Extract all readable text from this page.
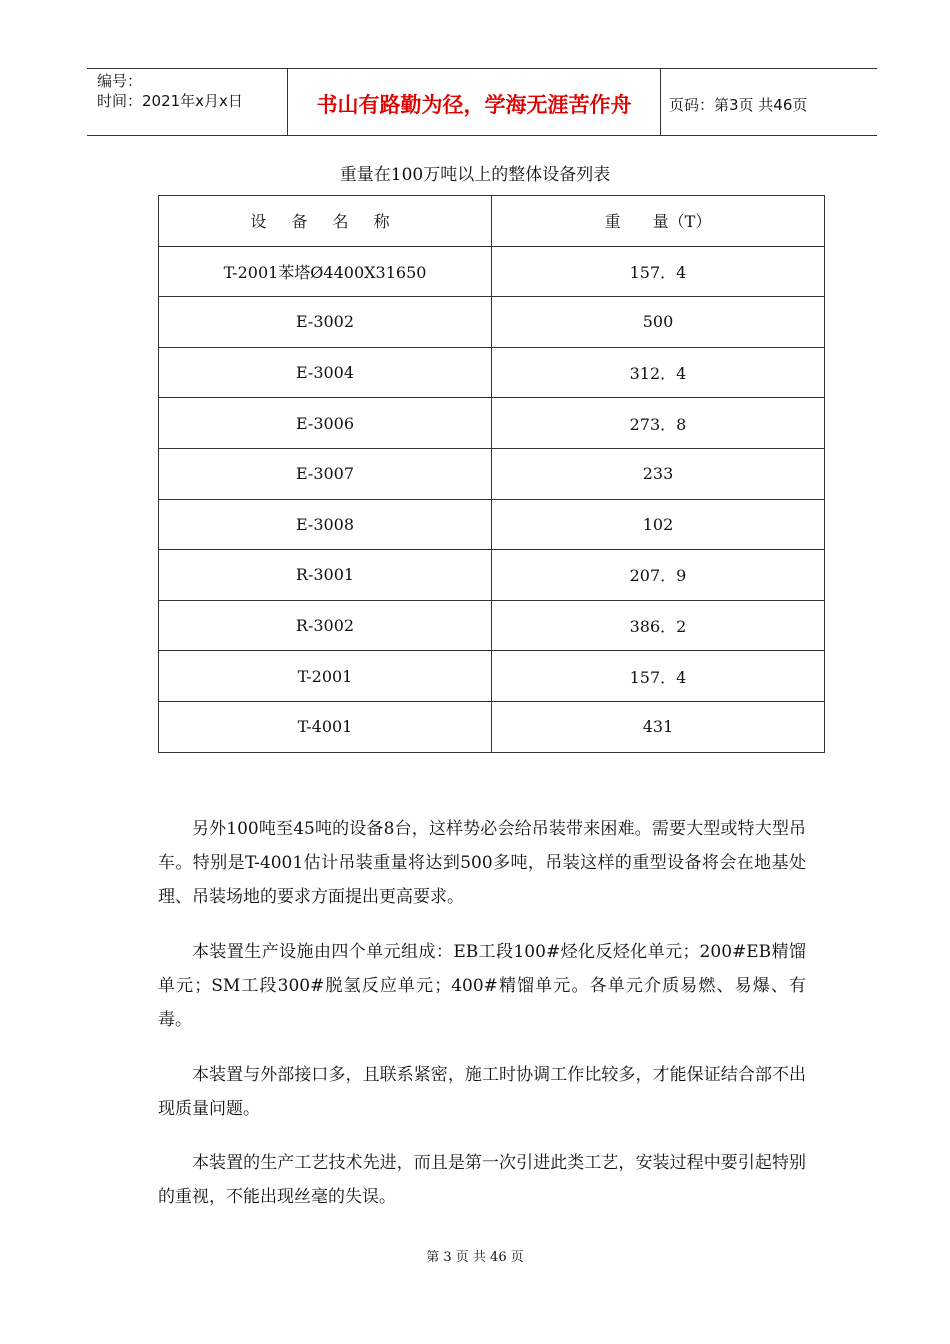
编号：
时间：2021年x月x日	书山有路勤为径，学海无涯苦作舟	页码：第3页 共46页
重量在100万吨以上的整体设备列表
设 备 名 称	重　　量（T）
T-2001苯塔Ø4400X31650	157．4
E-3002	500
E-3004	312．4
E-3006	273．8
E-3007	233
E-3008	102
R-3001	207．9
R-3002	386．2
T-2001	157．4
T-4001	431

另外100吨至45吨的设备8台，这样势必会给吊装带来困难。需要大型或特大型吊车。特别是T-4001估计吊装重量将达到500多吨，吊装这样的重型设备将会在地基处理、吊装场地的要求方面提出更高要求。

本装置生产设施由四个单元组成：EB工段100#烃化反烃化单元；200#EB精馏单元；SM工段300#脱氢反应单元；400#精馏单元。各单元介质易燃、易爆、有毒。

本装置与外部接口多，且联系紧密，施工时协调工作比较多，才能保证结合部不出现质量问题。

本装置的生产工艺技术先进，而且是第一次引进此类工艺，安装过程中要引起特别的重视，不能出现丝毫的失误。

第 3 页 共 46 页
